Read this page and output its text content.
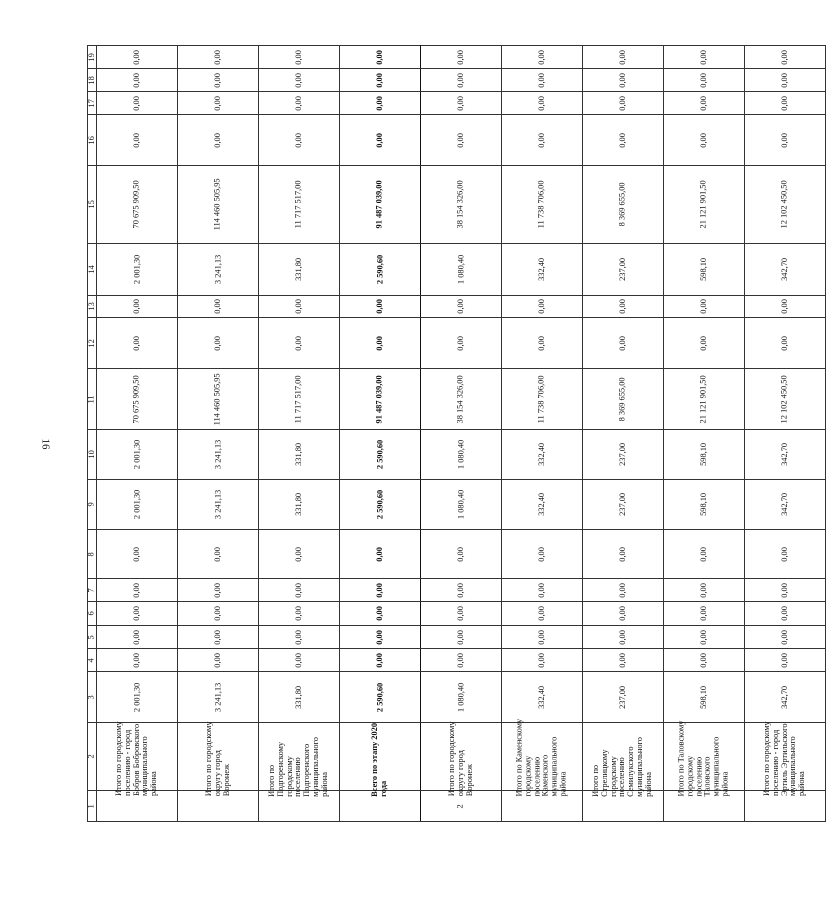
16
19	0,00	0,00	0,00	0,00	0,00	0,00	0,00	0,00	0,00
18	0,00	0,00	0,00	0,00	0,00	0,00	0,00	0,00	0,00
17	0,00	0,00	0,00	0,00	0,00	0,00	0,00	0,00	0,00
16	0,00	0,00	0,00	0,00	0,00	0,00	0,00	0,00	0,00
15	70 675 909,50	114 460 505,95	11 717 517,00	91 487 039,00	38 154 326,00	11 738 706,00	8 369 655,00	21 121 901,50	12 102 450,50
14	2 001,30	3 241,13	331,80	2 590,60	1 080,40	332,40	237,00	598,10	342,70
13	0,00	0,00	0,00	0,00	0,00	0,00	0,00	0,00	0,00
12	0,00	0,00	0,00	0,00	0,00	0,00	0,00	0,00	0,00
11	70 675 909,50	114 460 505,95	11 717 517,00	91 487 039,00	38 154 326,00	11 738 706,00	8 369 655,00	21 121 901,50	12 102 450,50
10	2 001,30	3 241,13	331,80	2 590,60	1 080,40	332,40	237,00	598,10	342,70
9	2 001,30	3 241,13	331,80	2 590,60	1 080,40	332,40	237,00	598,10	342,70
8	0,00	0,00	0,00	0,00	0,00	0,00	0,00	0,00	0,00
7	0,00	0,00	0,00	0,00	0,00	0,00	0,00	0,00	0,00
6	0,00	0,00	0,00	0,00	0,00	0,00	0,00	0,00	0,00
5	0,00	0,00	0,00	0,00	0,00	0,00	0,00	0,00	0,00
4	0,00	0,00	0,00	0,00	0,00	0,00	0,00	0,00	0,00
3	2 001,30	3 241,13	331,80	2 590,60	1 080,40	332,40	237,00	598,10	342,70
2	Итого по городскому поселению - город Бобров Бобровского муниципального района	Итого по городскому округу город Воронеж	Итого по Подгоренскому городскому поселению Подгоренского муниципального района	Всего по этапу 2020 года	Итого по городскому округу город Воронеж	Итого по Каменскому городскому поселению Каменского муниципального района	Итого по Стрелицкому городскому поселению Семилукского муниципального района	Итого по Таловскому городскому поселению Таловского муниципального района	Итого по городскому поселению - город Эртиль Эртильского муниципального района
1					2				
